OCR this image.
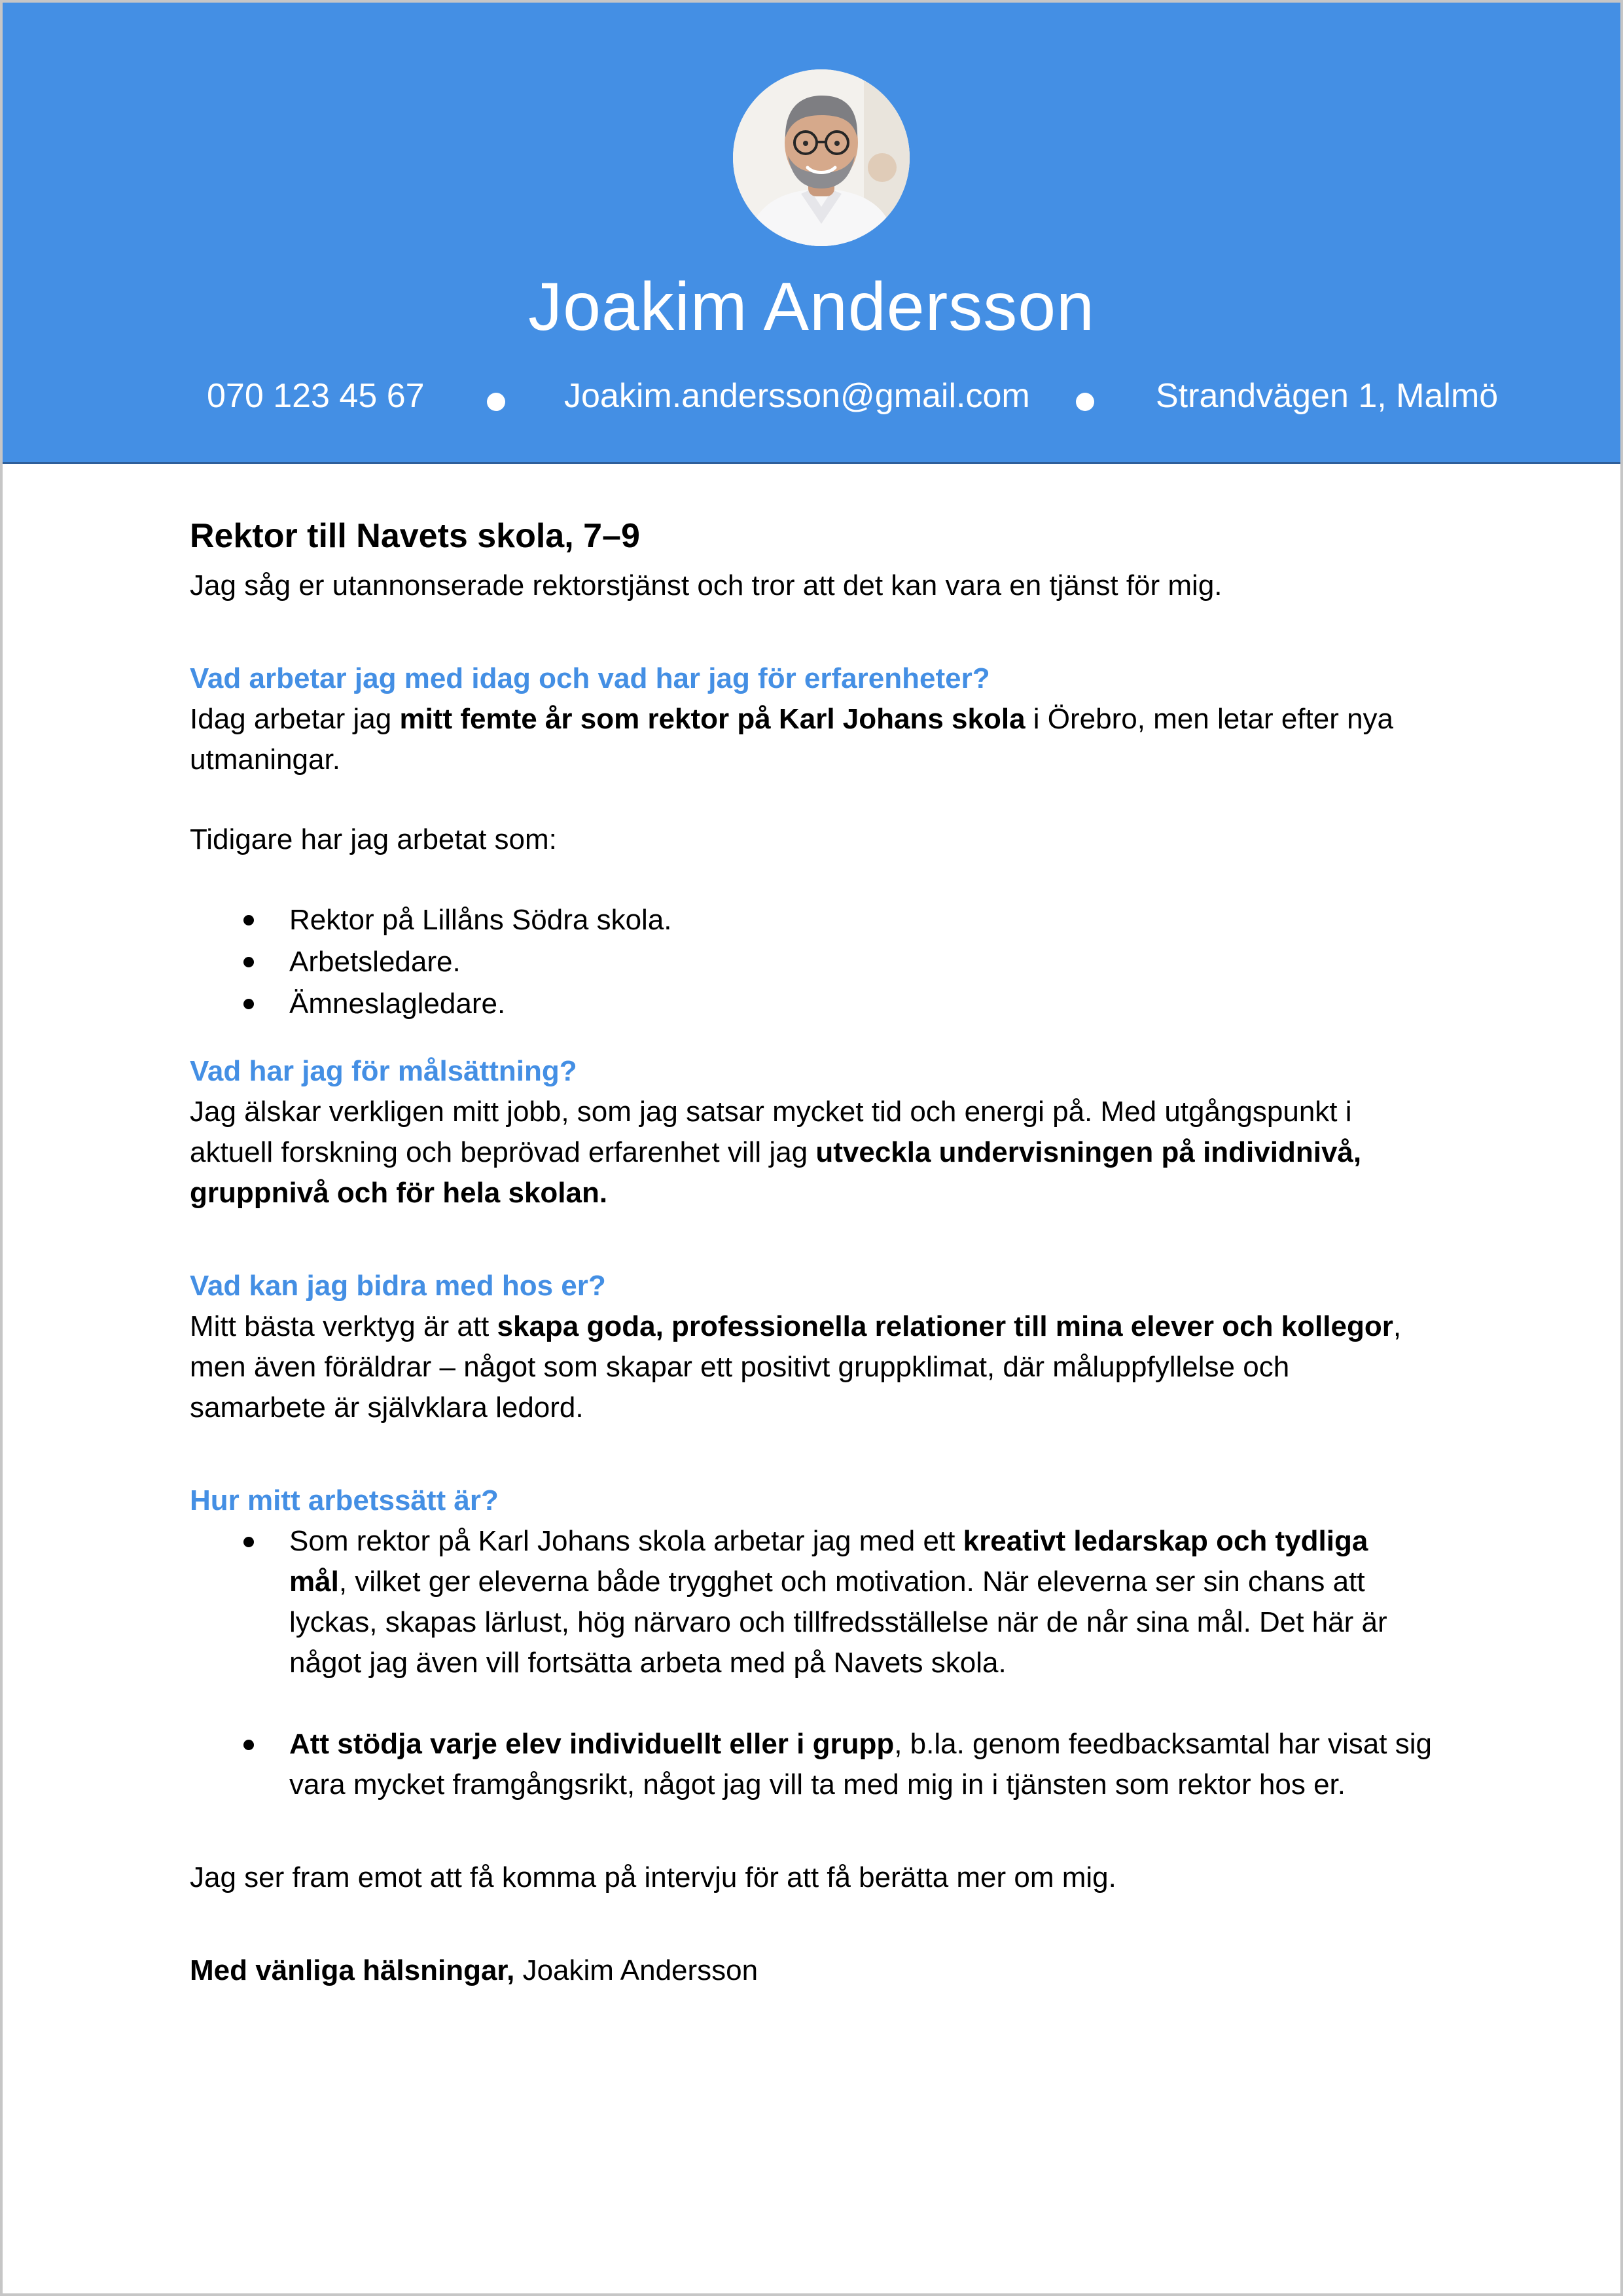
Joakim Andersson
070 123 45 67	Joakim.andersson@gmail.com	Strandvägen 1, Malmö

Rektor till Navets skola, 7–9

Jag såg er utannonserade rektorstjänst och tror att det kan vara en tjänst för mig.

Vad arbetar jag med idag och vad har jag för erfarenheter?

Idag arbetar jag mitt femte år som rektor på Karl Johans skola i Örebro, men letar efter nya utmaningar.

Tidigare har jag arbetat som:

Rektor på Lillåns Södra skola.
Arbetsledare.
Ämneslagledare.

Vad har jag för målsättning?

Jag älskar verkligen mitt jobb, som jag satsar mycket tid och energi på. Med utgångspunkt i aktuell forskning och beprövad erfarenhet vill jag utveckla undervisningen på individnivå, gruppnivå och för hela skolan.

Vad kan jag bidra med hos er?

Mitt bästa verktyg är att skapa goda, professionella relationer till mina elever och kollegor, men även föräldrar – något som skapar ett positivt gruppklimat, där måluppfyllelse och samarbete är självklara ledord.

Hur mitt arbetssätt är?

Som rektor på Karl Johans skola arbetar jag med ett kreativt ledarskap och tydliga mål, vilket ger eleverna både trygghet och motivation. När eleverna ser sin chans att lyckas, skapas lärlust, hög närvaro och tillfredsställelse när de når sina mål. Det här är något jag även vill fortsätta arbeta med på Navets skola.
Att stödja varje elev individuellt eller i grupp, b.la. genom feedbacksamtal har visat sig vara mycket framgångsrikt, något jag vill ta med mig in i tjänsten som rektor hos er.

Jag ser fram emot att få komma på intervju för att få berätta mer om mig.

Med vänliga hälsningar, Joakim Andersson
